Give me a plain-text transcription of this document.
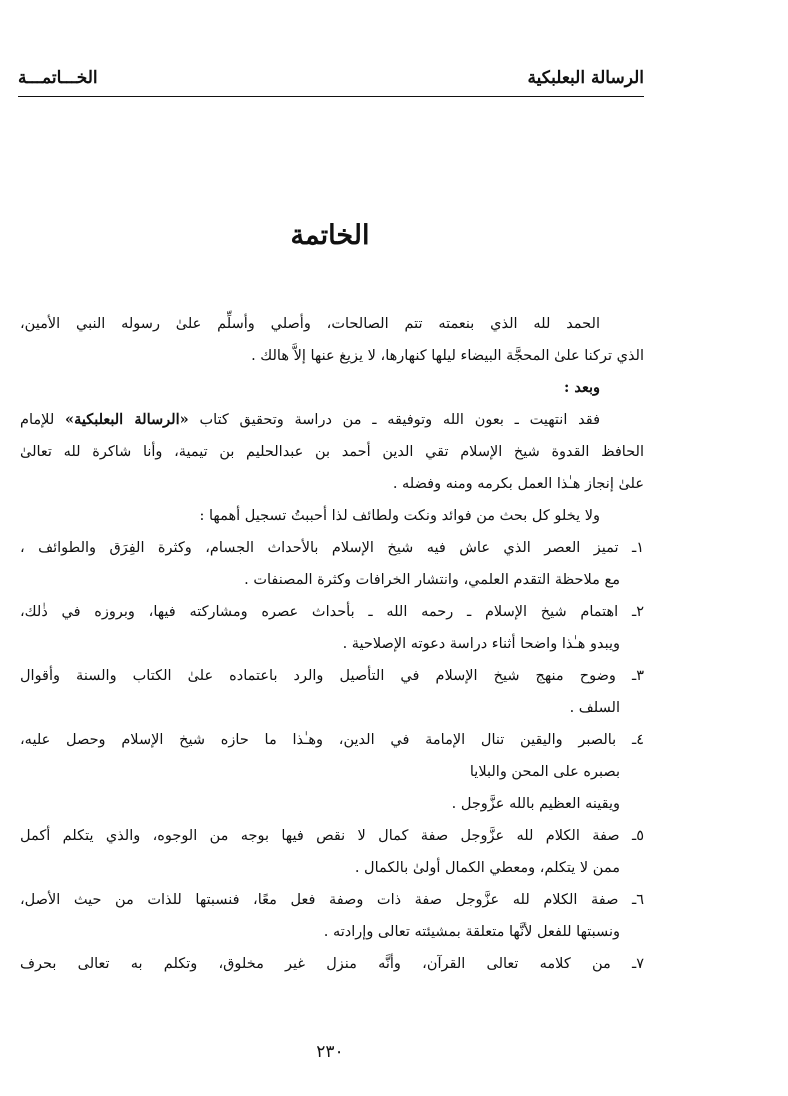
الرسالة البعلبكية
الخـــاتمـــة
الخاتمة
الحمد لله الذي بنعمته تتم الصالحات، وأصلي وأسلِّم علىٰ رسوله النبي الأمين،
الذي تركنا علىٰ المحجَّة البيضاء ليلها كنهارها، لا يزيغ عنها إلاَّ هالك .
وبعد :
فقد انتهيت ـ بعون الله وتوفيقه ـ من دراسة وتحقيق كتاب «الرسالة البعلبكية» للإمام
الحافظ القدوة شيخ الإسلام تقي الدين أحمد بن عبدالحليم بن تيمية، وأنا شاكرة لله تعالىٰ
علىٰ إنجاز هـٰذا العمل بكرمه ومنه وفضله .
ولا يخلو كل بحث من فوائد ونكت ولطائف لذا أحببتُ تسجيل أهمها :
١ـ تميز العصر الذي عاش فيه شيخ الإسلام بالأحداث الجسام، وكثرة الفِرَق والطوائف ،
مع ملاحظة التقدم العلمي، وانتشار الخرافات وكثرة المصنفات .
٢ـ اهتمام شيخ الإسلام ـ رحمه الله ـ بأحداث عصره ومشاركته فيها، وبروزه في ذٰلك،
ويبدو هـٰذا واضحا أثناء دراسة دعوته الإصلاحية .
٣ـ وضوح منهج شيخ الإسلام في التأصيل والرد باعتماده علىٰ الكتاب والسنة وأقوال
السلف .
٤ـ بالصبر واليقين تنال الإمامة في الدين، وهـٰذا ما حازه شيخ الإسلام وحصل عليه،
بصبره على المحن والبلايا
ويقينه العظيم بالله عزَّوجل .
٥ـ صفة الكلام لله عزَّوجل صفة كمال لا نقص فيها بوجه من الوجوه، والذي يتكلم أكمل
ممن لا يتكلم، ومعطي الكمال أولىٰ بالكمال .
٦ـ صفة الكلام لله عزَّوجل صفة ذات وصفة فعل معًا، فنسبتها للذات من حيث الأصل،
ونسبتها للفعل لأنَّها متعلقة بمشيئته تعالى وإرادته .
٧ـ من كلامه تعالى القرآن، وأنَّه منزل غير مخلوق، وتكلم به تعالى بحرف
٢٣٠
